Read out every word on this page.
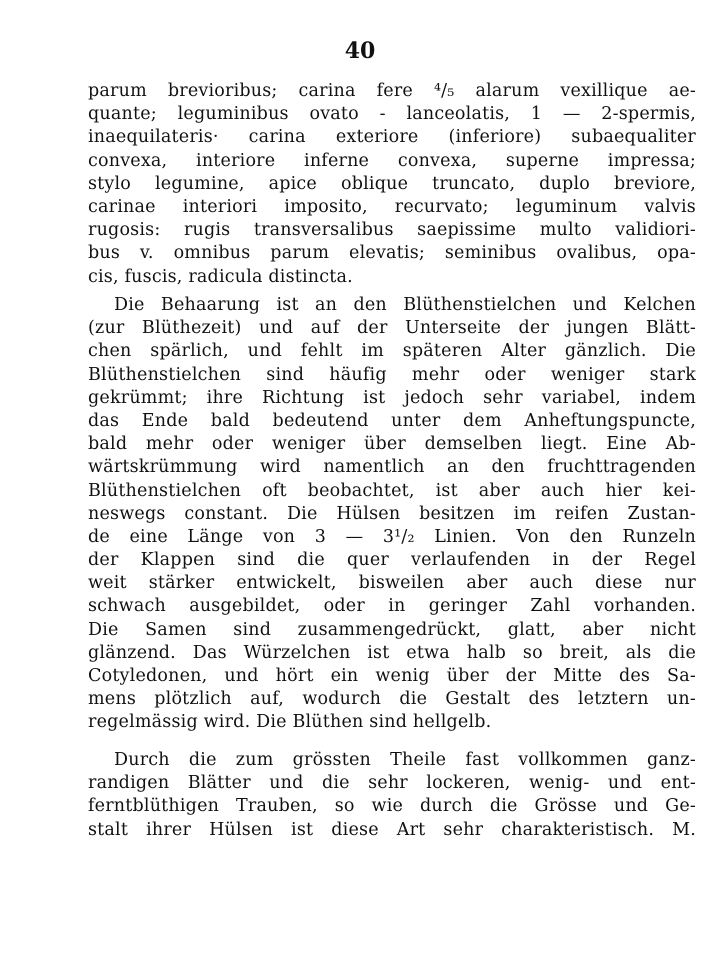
40
parum brevioribus; carina fere ⁴/₅ alarum vexillique ae-
quante; leguminibus ovato - lanceolatis, 1 — 2-spermis,
inaequilateris· carina exteriore (inferiore) subaequaliter
convexa, interiore inferne convexa, superne impressa;
stylo legumine, apice oblique truncato, duplo breviore,
carinae interiori imposito, recurvato; leguminum valvis
rugosis: rugis transversalibus saepissime multo validiori-
bus v. omnibus parum elevatis; seminibus ovalibus, opa-
cis, fuscis, radicula distincta.
Die Behaarung ist an den Blüthenstielchen und Kelchen
(zur Blüthezeit) und auf der Unterseite der jungen Blätt-
chen spärlich, und fehlt im späteren Alter gänzlich. Die
Blüthenstielchen sind häufig mehr oder weniger stark
gekrümmt; ihre Richtung ist jedoch sehr variabel, indem
das Ende bald bedeutend unter dem Anheftungspuncte,
bald mehr oder weniger über demselben liegt. Eine Ab-
wärtskrümmung wird namentlich an den fruchttragenden
Blüthenstielchen oft beobachtet, ist aber auch hier kei-
neswegs constant. Die Hülsen besitzen im reifen Zustan-
de eine Länge von 3 — 3¹/₂ Linien. Von den Runzeln
der Klappen sind die quer verlaufenden in der Regel
weit stärker entwickelt, bisweilen aber auch diese nur
schwach ausgebildet, oder in geringer Zahl vorhanden.
Die Samen sind zusammengedrückt, glatt, aber nicht
glänzend. Das Würzelchen ist etwa halb so breit, als die
Cotyledonen, und hört ein wenig über der Mitte des Sa-
mens plötzlich auf, wodurch die Gestalt des letztern un-
regelmässig wird. Die Blüthen sind hellgelb.
Durch die zum grössten Theile fast vollkommen ganz-
randigen Blätter und die sehr lockeren, wenig- und ent-
ferntblüthigen Trauben, so wie durch die Grösse und Ge-
stalt ihrer Hülsen ist diese Art sehr charakteristisch. M.
